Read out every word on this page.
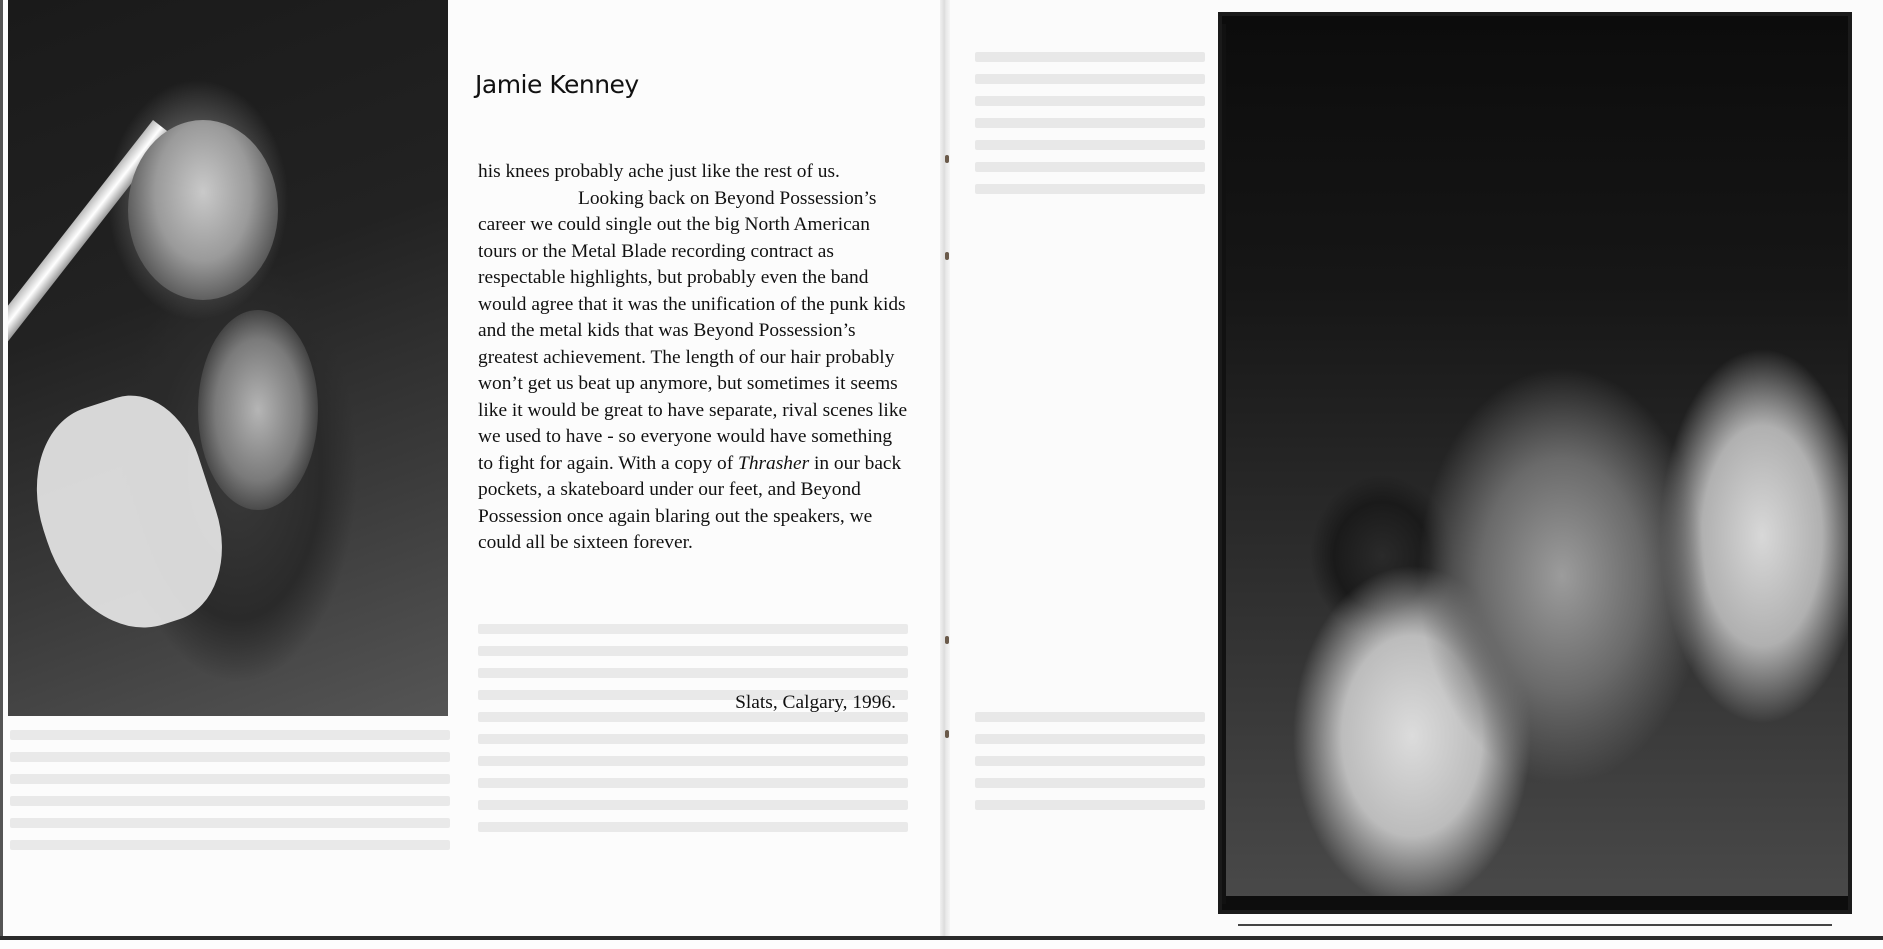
Jamie Kenney

his knees probably ache just like the rest of us.

Looking back on Beyond Possession’s career we could single out the big North American tours or the Metal Blade recording contract as respectable highlights, but probably even the band would agree that it was the unification of the punk kids and the metal kids that was Beyond Possession’s greatest achievement. The length of our hair probably won’t get us beat up anymore, but sometimes it seems like it would be great to have separate, rival scenes like we used to have - so everyone would have something to fight for again. With a copy of Thrasher in our back pockets, a skateboard under our feet, and Beyond Possession once again blaring out the speakers, we could all be sixteen forever.

Slats, Calgary, 1996.
